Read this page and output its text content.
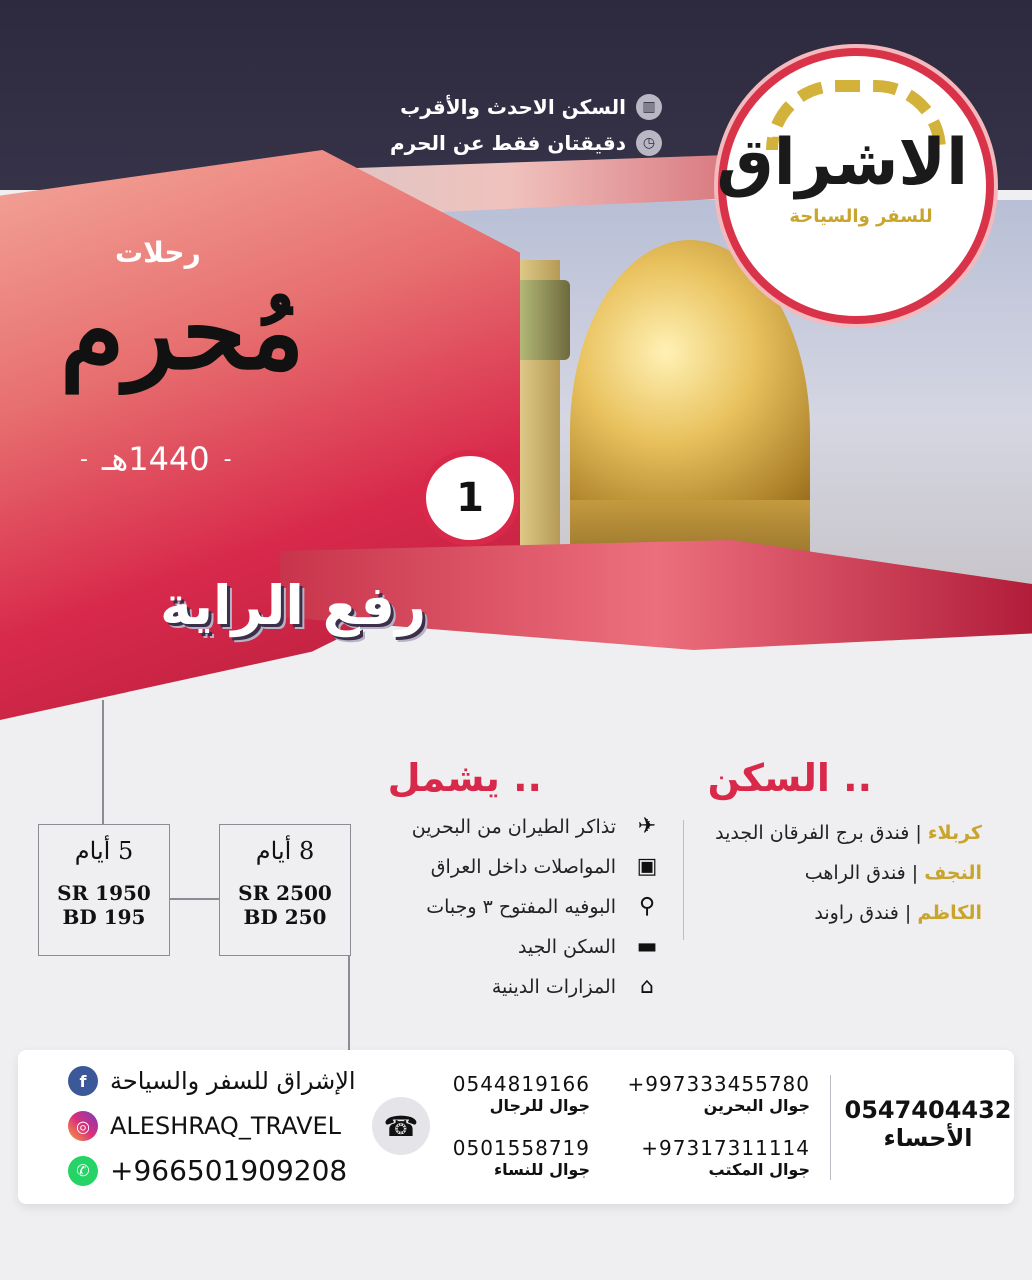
▥
السكن الاحدث والأقرب
◷
دقيقتان فقط عن الحرم الاشراق
للسفر والسياحة
رحلات
مُحرم
- 1440هـ -
1
رفع الراية
.. السكن
كربلاء | فندق برج الفرقان الجديد
النجف | فندق الراهب
الكاظم | فندق راوند
.. يشمل
✈
تذاكر الطيران من البحرين
▣
المواصلات داخل العراق
⚲
البوفيه المفتوح ٣ وجبات
▬
السكن الجيد
⌂
المزارات الدينية
5 أيام
SR 1950
BD 195
8 أيام
SR 2500
BD 250
f الإشراق للسفر والسياحة
◎ ALESHRAQ_TRAVEL
✆ +966501909208
☎
0544819166
جوال للرجال
0501558719
جوال للنساء
+997333455780
جوال البحرين
+97317311114
جوال المكتب
0547404432
الأحساء
